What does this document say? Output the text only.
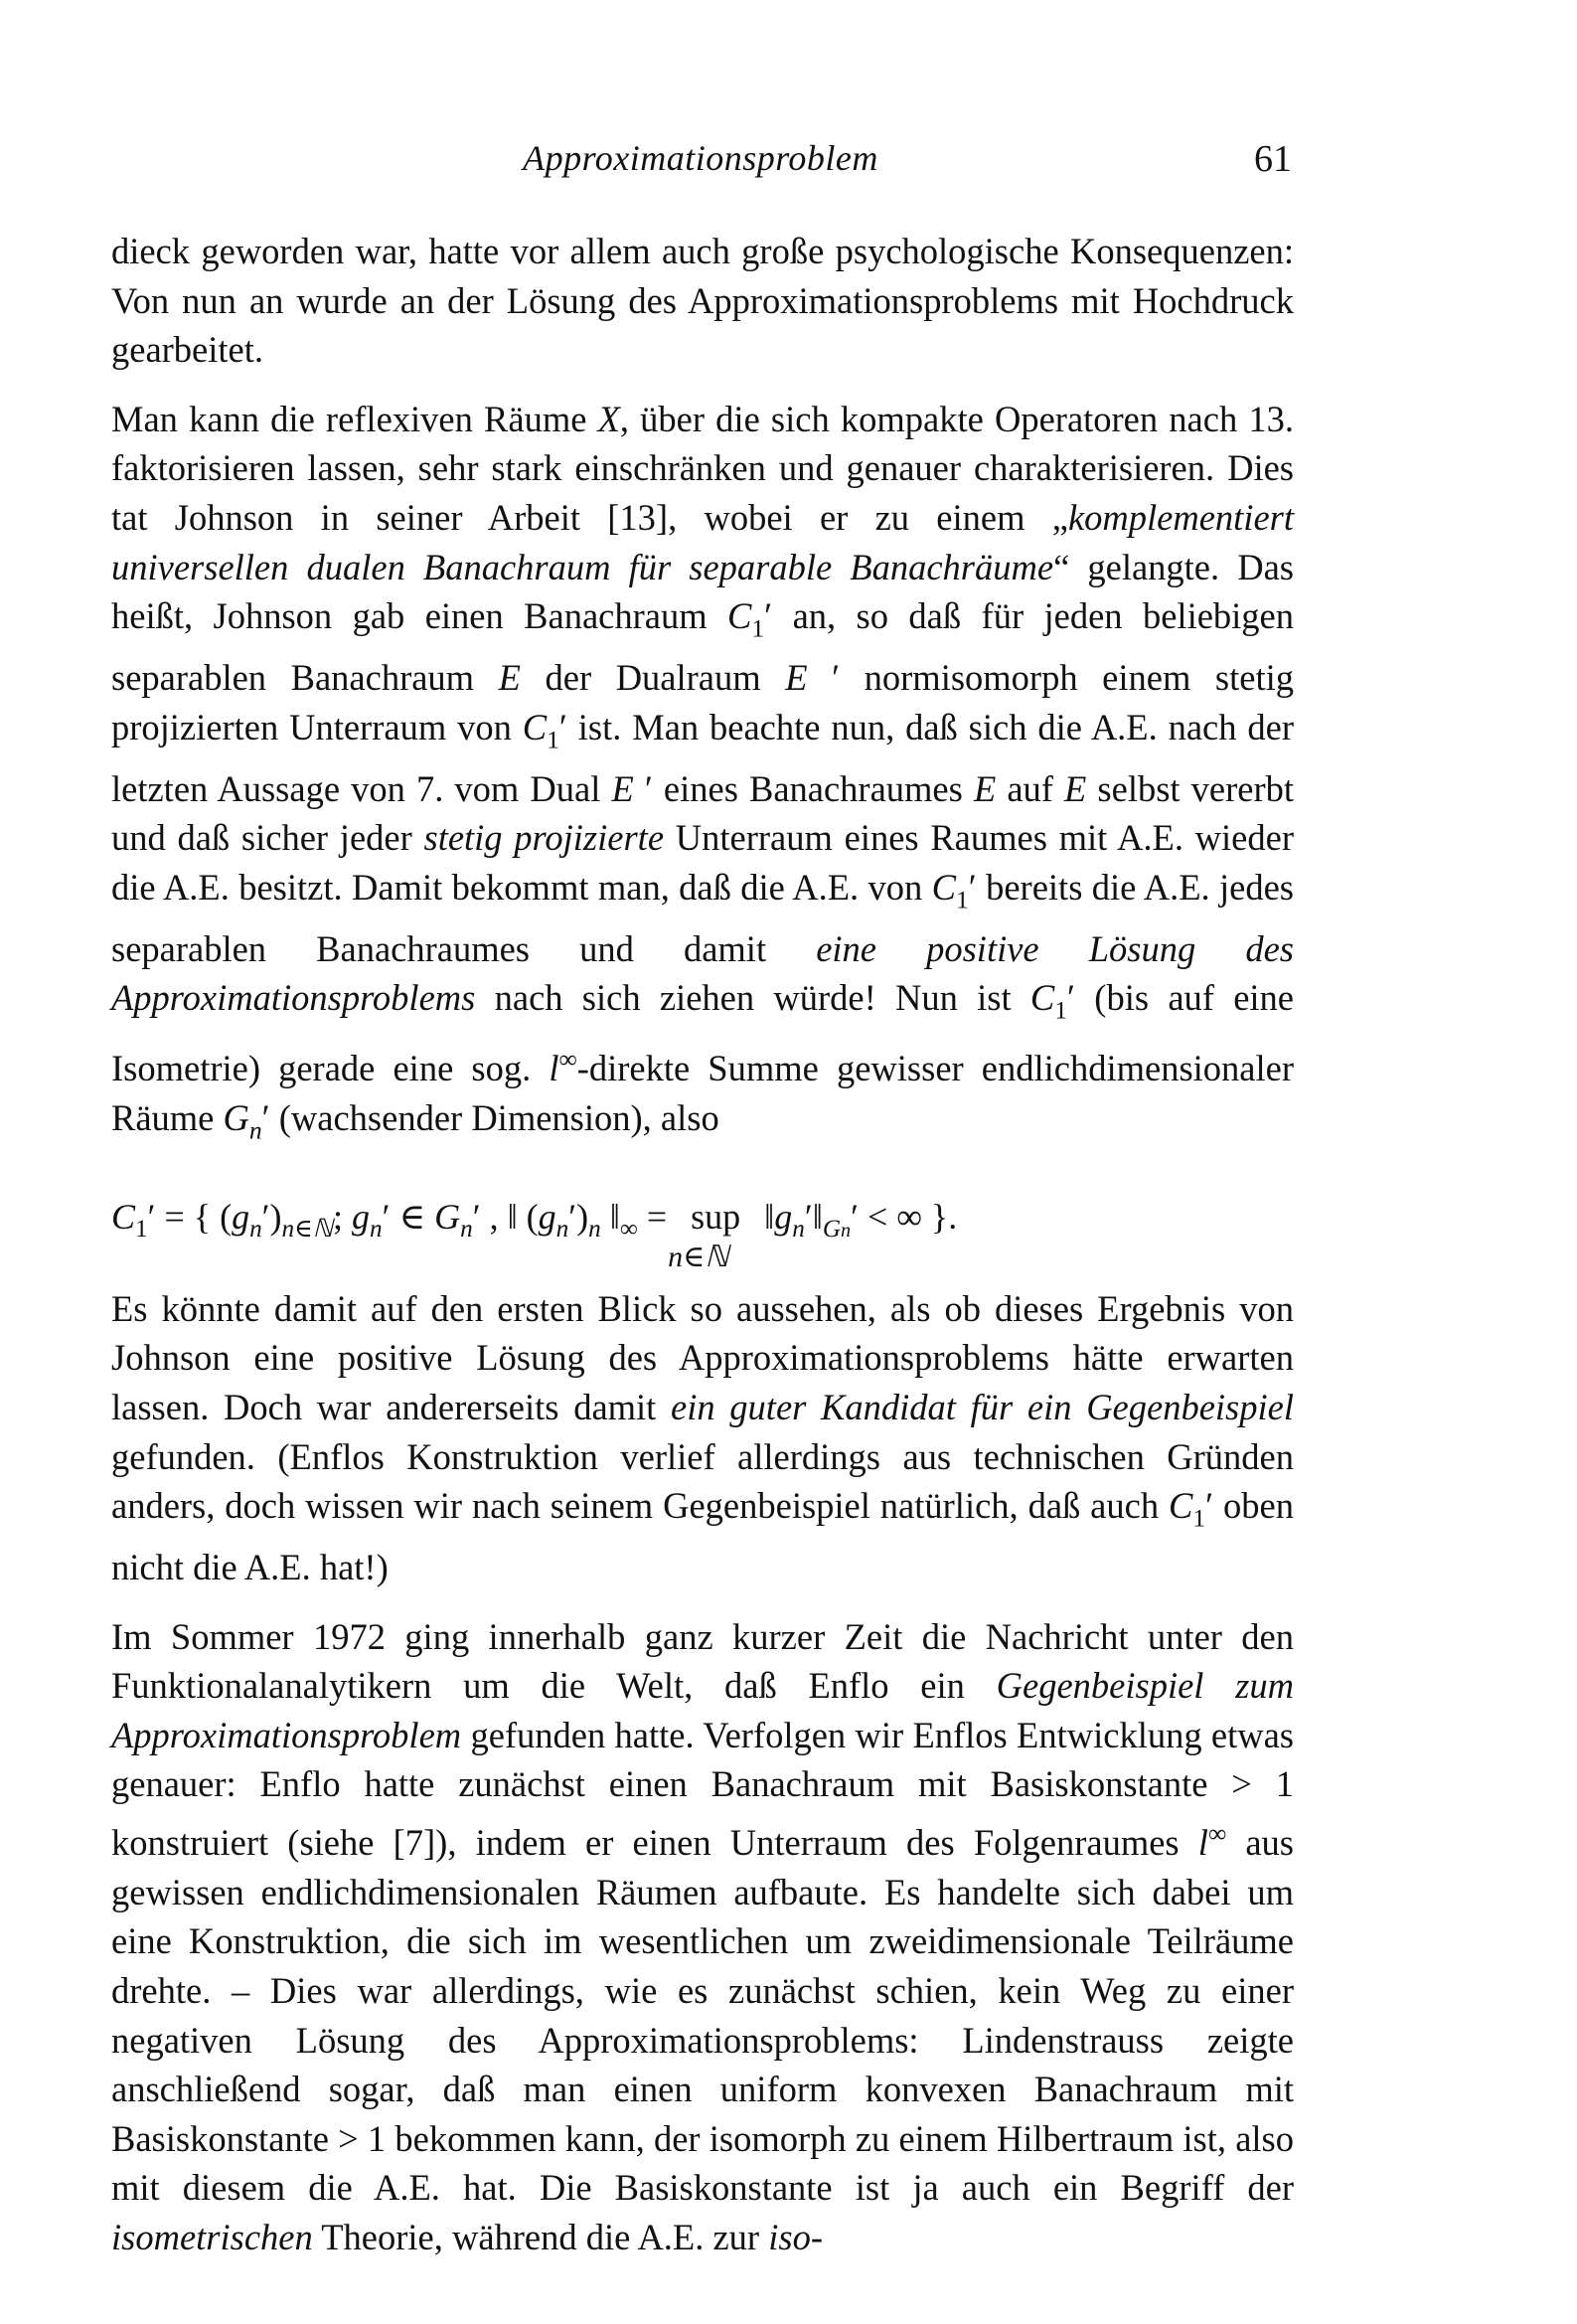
Approximationsproblem	61

dieck geworden war, hatte vor allem auch große psychologische Konsequenzen: Von nun an wurde an der Lösung des Approximationsproblems mit Hochdruck gearbeitet.

Man kann die reflexiven Räume X, über die sich kompakte Operatoren nach 13. faktorisieren lassen, sehr stark einschränken und genauer charakterisieren. Dies tat Johnson in seiner Arbeit [13], wobei er zu einem „komplementiert universellen dualen Banachraum für separable Banachräume“ gelangte. Das heißt, Johnson gab einen Banachraum $C_1'$ an, so daß für jeden beliebigen separablen Banachraum E der Dualraum E ′ normisomorph einem stetig projizierten Unterraum von $C_1'$ ist. Man beachte nun, daß sich die A.E. nach der letzten Aussage von 7. vom Dual E ′ eines Banachraumes E auf E selbst vererbt und daß sicher jeder stetig projizierte Unterraum eines Raumes mit A.E. wieder die A.E. besitzt. Damit bekommt man, daß die A.E. von $C_1'$ bereits die A.E. jedes separablen Banachraumes und damit eine positive Lösung des Approximationsproblems nach sich ziehen würde! Nun ist $C_1'$ (bis auf eine Isometrie) gerade eine sog. l∞-direkte Summe gewisser endlichdimensionaler Räume $G_n'$ (wachsender Dimension), also

$C_1'$ = { $(g_n')_{n\in ℕ}$; $g_n'$ ∈ $G_n'$ , ‖ $(g_n')_n$ $‖_\infty$ = sup
n∈ℕ
$‖g_n'‖_{Gn}'$ < ∞ }.

Es könnte damit auf den ersten Blick so aussehen, als ob dieses Ergebnis von Johnson eine positive Lösung des Approximationsproblems hätte erwarten lassen. Doch war andererseits damit ein guter Kandidat für ein Gegenbeispiel gefunden. (Enflos Konstruktion verlief allerdings aus technischen Gründen anders, doch wissen wir nach seinem Gegenbeispiel natürlich, daß auch $C_1'$ oben nicht die A.E. hat!)

Im Sommer 1972 ging innerhalb ganz kurzer Zeit die Nachricht unter den Funktionalanalytikern um die Welt, daß Enflo ein Gegenbeispiel zum Approximationsproblem gefunden hatte. Verfolgen wir Enflos Entwicklung etwas genauer: Enflo hatte zunächst einen Banachraum mit Basiskonstante > 1 konstruiert (siehe [7]), indem er einen Unterraum des Folgenraumes l∞ aus gewissen endlichdimensionalen Räumen aufbaute. Es handelte sich dabei um eine Konstruktion, die sich im wesentlichen um zweidimensionale Teilräume drehte. – Dies war allerdings, wie es zunächst schien, kein Weg zu einer negativen Lösung des Approximationsproblems: Lindenstrauss zeigte anschließend sogar, daß man einen uniform konvexen Banachraum mit Basiskonstante > 1 bekommen kann, der isomorph zu einem Hilbertraum ist, also mit diesem die A.E. hat. Die Basiskonstante ist ja auch ein Begriff der isometrischen Theorie, während die A.E. zur iso-
